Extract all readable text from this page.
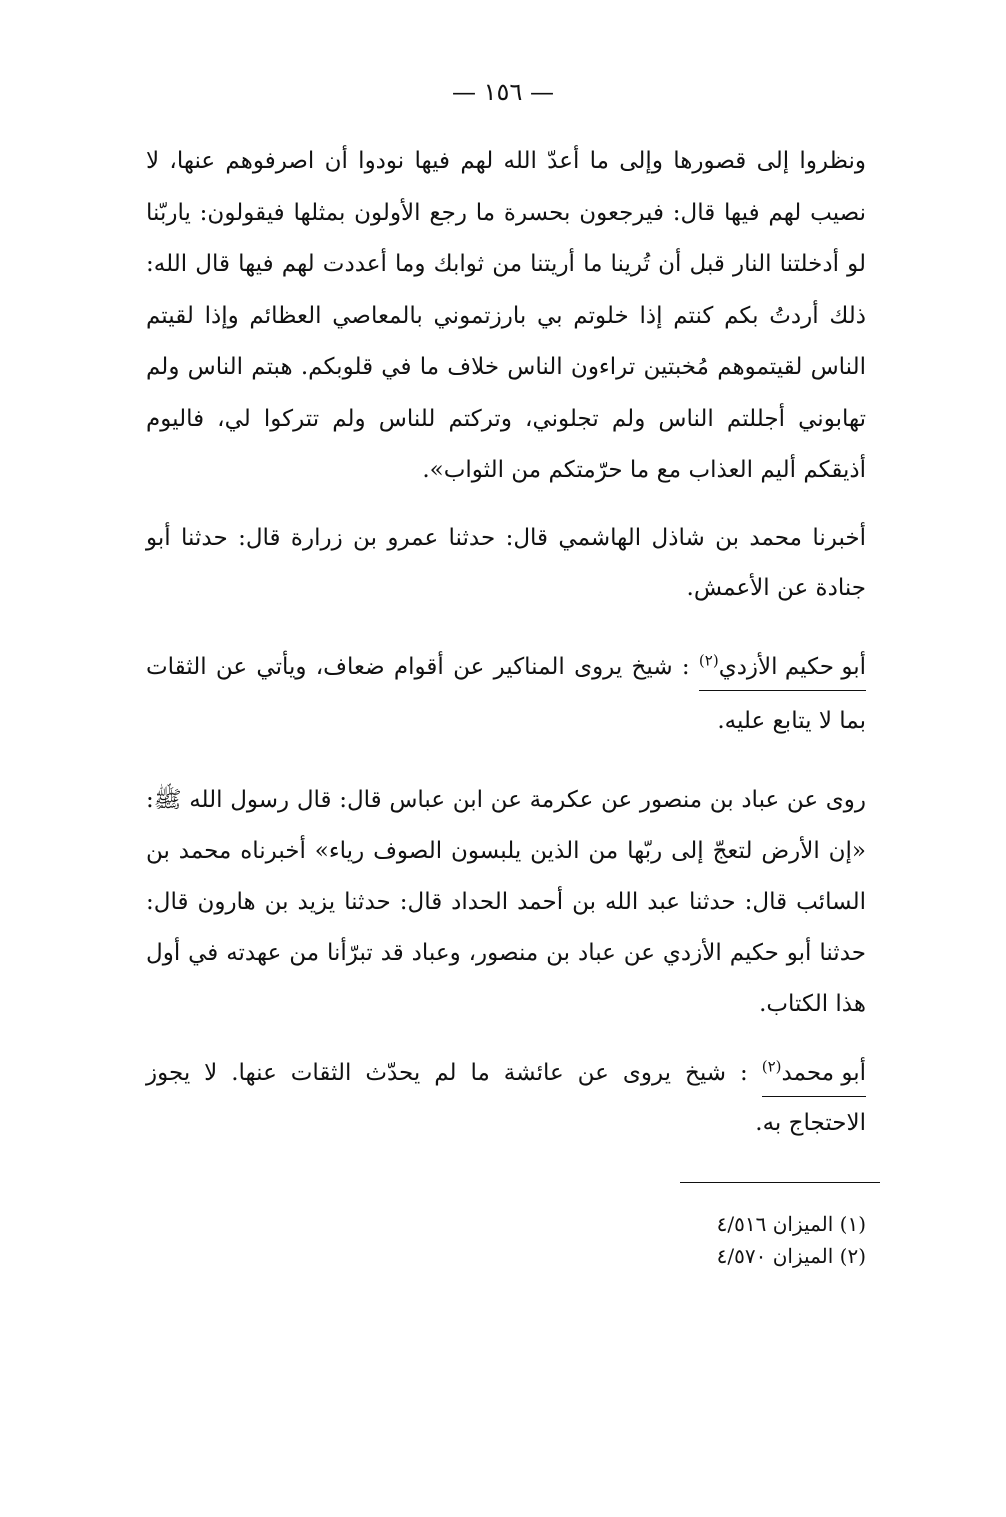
— ١٥٦ —

ونظروا إلى قصورها وإلى ما أعدّ الله لهم فيها نودوا أن اصرفوهم عنها، لا نصيب لهم فيها قال: فيرجعون بحسرة ما رجع الأولون بمثلها فيقولون: ياربّنا لو أدخلتنا النار قبل أن تُرينا ما أريتنا من ثوابك وما أعددت لهم فيها قال الله: ذلك أردتُ بكم كنتم إذا خلوتم بي بارزتموني بالمعاصي العظائم وإذا لقيتم الناس لقيتموهم مُخبتين تراءون الناس خلاف ما في قلوبكم. هبتم الناس ولم تهابوني أجللتم الناس ولم تجلوني، وتركتم للناس ولم تتركوا لي، فاليوم أذيقكم أليم العذاب مع ما حرّمتكم من الثواب».

أخبرنا محمد بن شاذل الهاشمي قال: حدثنا عمرو بن زرارة قال: حدثنا أبو جنادة عن الأعمش.

أبو حكيم الأزدي$^{(٢)}$ : شيخ يروى المناكير عن أقوام ضعاف، ويأتي عن الثقات بما لا يتابع عليه.

روى عن عباد بن منصور عن عكرمة عن ابن عباس قال: قال رسول الله ﷺ: «إن الأرض لتعجّ إلى ربّها من الذين يلبسون الصوف رياء» أخبرناه محمد بن السائب قال: حدثنا عبد الله بن أحمد الحداد قال: حدثنا يزيد بن هارون قال: حدثنا أبو حكيم الأزدي عن عباد بن منصور، وعباد قد تبرّأنا من عهدته في أول هذا الكتاب.

أبو محمد$^{(٢)}$ : شيخ يروى عن عائشة ما لم يحدّث الثقات عنها. لا يجوز الاحتجاج به.

(١) الميزان ٤/٥١٦
(٢) الميزان ٤/٥٧٠
